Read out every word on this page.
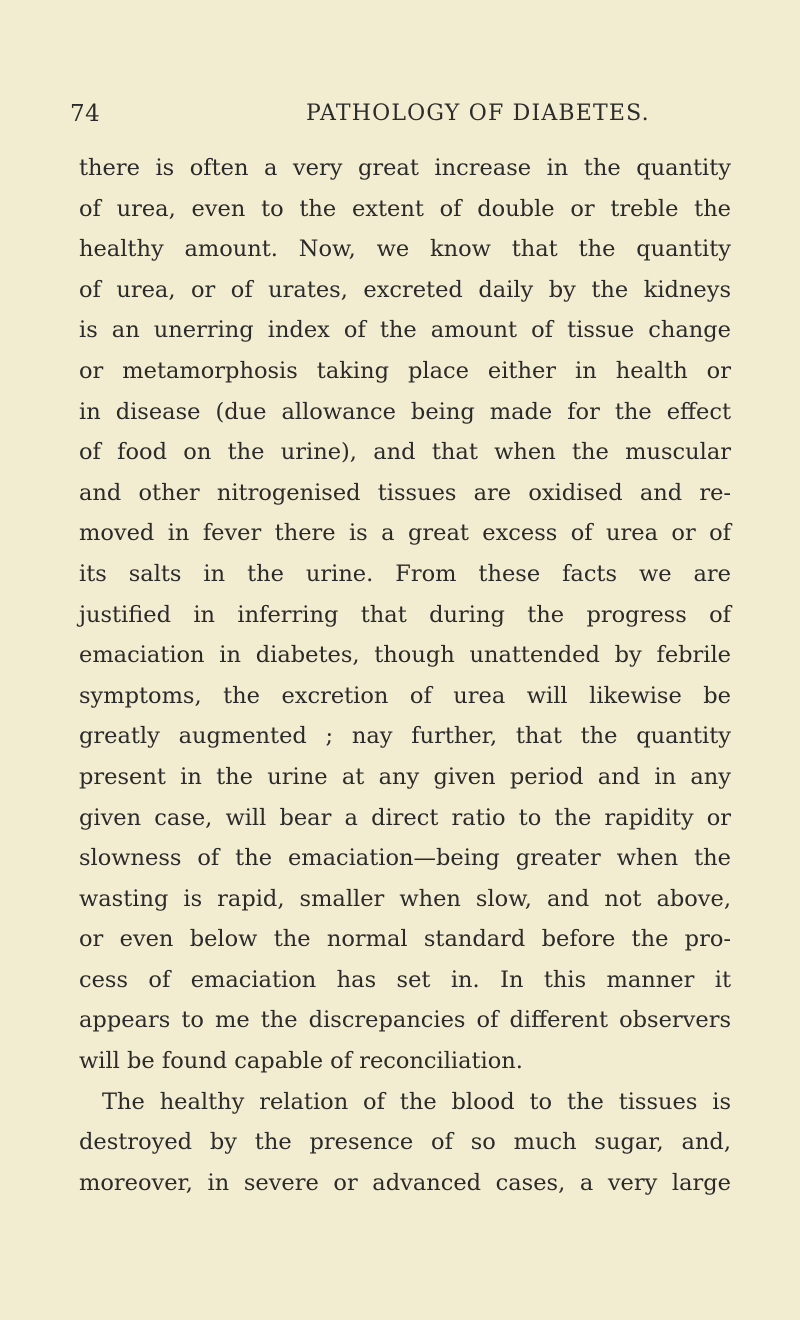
74	PATHOLOGY OF DIABETES.
there is often a very great increase in the quantity
of urea, even to the extent of double or treble the
healthy amount. Now, we know that the quantity
of urea, or of urates, excreted daily by the kidneys
is an unerring index of the amount of tissue change
or metamorphosis taking place either in health or
in disease (due allowance being made for the effect
of food on the urine), and that when the muscular
and other nitrogenised tissues are oxidised and re-
moved in fever there is a great excess of urea or of
its salts in the urine. From these facts we are
justified in inferring that during the progress of
emaciation in diabetes, though unattended by febrile
symptoms, the excretion of urea will likewise be
greatly augmented ; nay further, that the quantity
present in the urine at any given period and in any
given case, will bear a direct ratio to the rapidity or
slowness of the emaciation—being greater when the
wasting is rapid, smaller when slow, and not above,
or even below the normal standard before the pro-
cess of emaciation has set in. In this manner it
appears to me the discrepancies of different observers
will be found capable of reconciliation.
The healthy relation of the blood to the tissues is
destroyed by the presence of so much sugar, and,
moreover, in severe or advanced cases, a very large
